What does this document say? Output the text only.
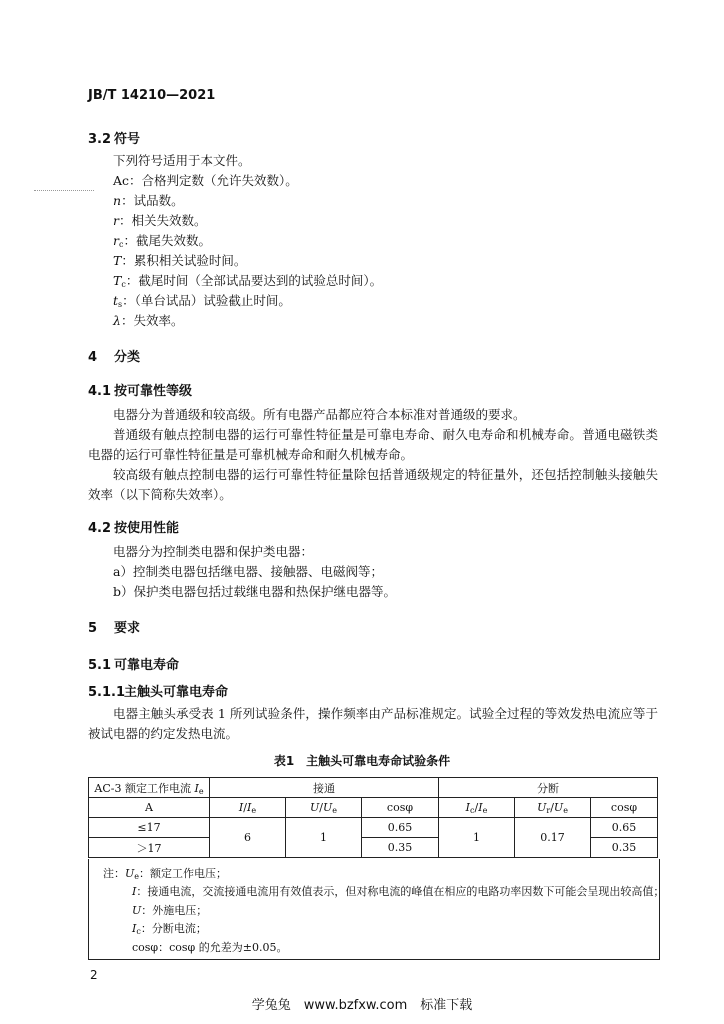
JB/T 14210—2021
3.2 符号
下列符号适用于本文件。
Ac：合格判定数（允许失效数）。
n：试品数。
r：相关失效数。
$r_c$：截尾失效数。
T：累积相关试验时间。
$T_c$：截尾时间（全部试品要达到的试验总时间）。
$t_s$：（单台试品）试验截止时间。
λ：失效率。
4 分类
4.1 按可靠性等级
电器分为普通级和较高级。所有电器产品都应符合本标准对普通级的要求。
普通级有触点控制电器的运行可靠性特征量是可靠电寿命、耐久电寿命和机械寿命。普通电磁铁类电器的运行可靠性特征量是可靠机械寿命和耐久机械寿命。
较高级有触点控制电器的运行可靠性特征量除包括普通级规定的特征量外，还包括控制触头接触失效率（以下简称失效率）。
4.2 按使用性能
电器分为控制类电器和保护类电器：
a）控制类电器包括继电器、接触器、电磁阀等；
b）保护类电器包括过载继电器和热保护继电器等。
5 要求
5.1 可靠电寿命
5.1.1主触头可靠电寿命
电器主触头承受表 1 所列试验条件，操作频率由产品标准规定。试验全过程的等效发热电流应等于被试电器的约定发热电流。
表1　主触头可靠电寿命试验条件
AC-3 额定工作电流 $I_e$	接通			分断		
A	$I/I_e$	$U/U_e$	cosφ	$I_c/I_e$	$U_r/U_e$	cosφ
≤17	6	1	0.65	1	0.17	0.65
＞17			0.35			0.35
注：$U_e$：额定工作电压；
I：接通电流，交流接通电流用有效值表示，但对称电流的峰值在相应的电路功率因数下可能会呈现出较高值；
U：外施电压；
$I_c$：分断电流；
cosφ：cosφ 的允差为±0.05。
2
学兔兔　www.bzfxw.com　标准下载
